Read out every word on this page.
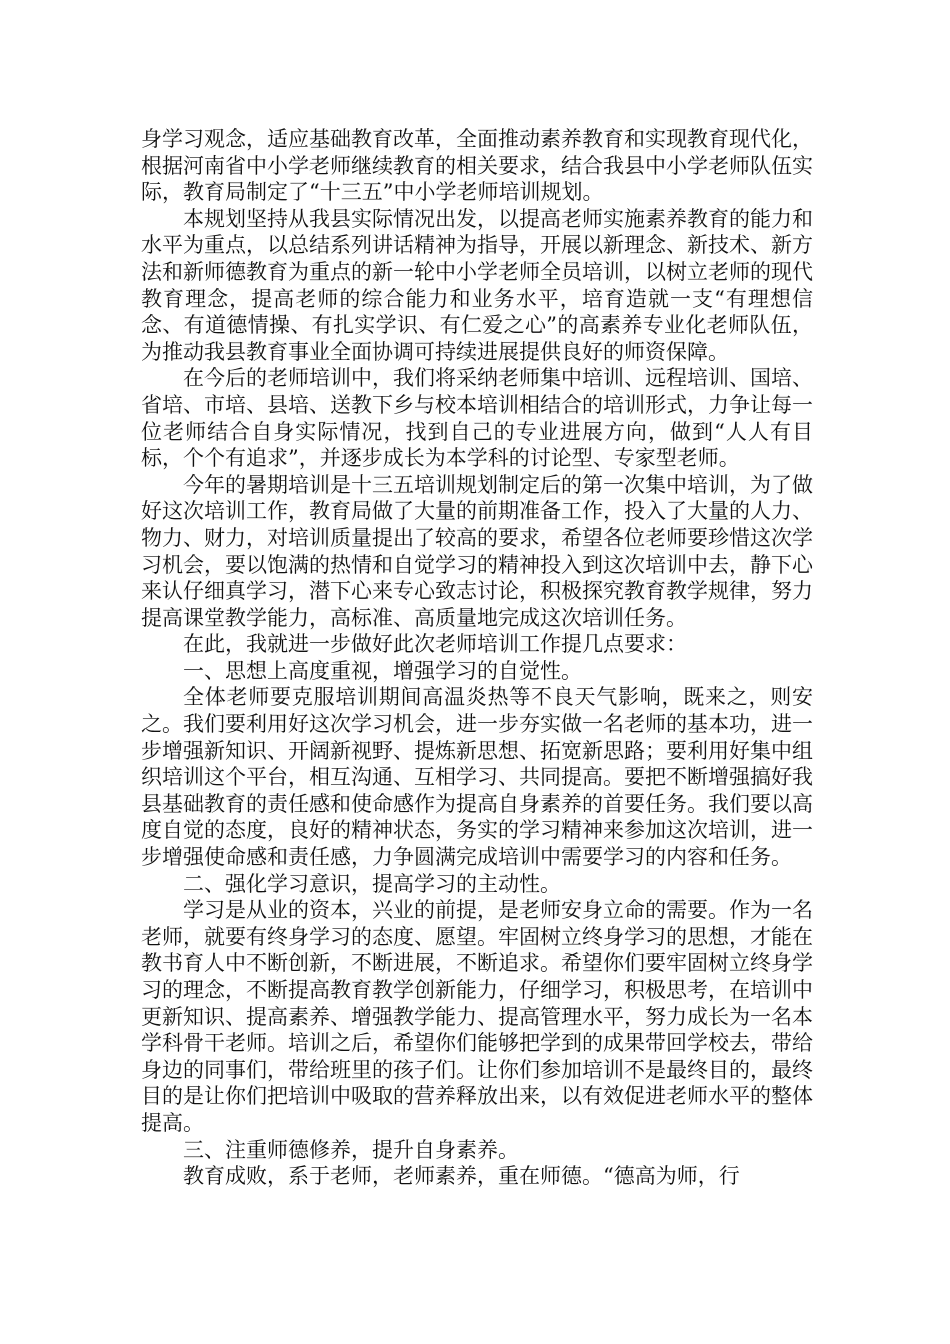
身学习观念，适应基础教育改革，全面推动素养教育和实现教育现代化，根据河南省中小学老师继续教育的相关要求，结合我县中小学老师队伍实际，教育局制定了“十三五”中小学老师培训规划。

本规划坚持从我县实际情况出发，以提高老师实施素养教育的能力和水平为重点，以总结系列讲话精神为指导，开展以新理念、新技术、新方法和新师德教育为重点的新一轮中小学老师全员培训，以树立老师的现代教育理念，提高老师的综合能力和业务水平，培育造就一支“有理想信念、有道德情操、有扎实学识、有仁爱之心”的高素养专业化老师队伍，为推动我县教育事业全面协调可持续进展提供良好的师资保障。

在今后的老师培训中，我们将采纳老师集中培训、远程培训、国培、省培、市培、县培、送教下乡与校本培训相结合的培训形式，力争让每一位老师结合自身实际情况，找到自己的专业进展方向，做到“人人有目标，个个有追求”，并逐步成长为本学科的讨论型、专家型老师。

今年的暑期培训是十三五培训规划制定后的第一次集中培训，为了做好这次培训工作，教育局做了大量的前期准备工作，投入了大量的人力、物力、财力，对培训质量提出了较高的要求，希望各位老师要珍惜这次学习机会，要以饱满的热情和自觉学习的精神投入到这次培训中去，静下心来认仔细真学习，潜下心来专心致志讨论，积极探究教育教学规律，努力提高课堂教学能力，高标准、高质量地完成这次培训任务。

在此，我就进一步做好此次老师培训工作提几点要求：

一、思想上高度重视，增强学习的自觉性。

全体老师要克服培训期间高温炎热等不良天气影响，既来之，则安之。我们要利用好这次学习机会，进一步夯实做一名老师的基本功，进一步增强新知识、开阔新视野、提炼新思想、拓宽新思路；要利用好集中组织培训这个平台，相互沟通、互相学习、共同提高。要把不断增强搞好我县基础教育的责任感和使命感作为提高自身素养的首要任务。我们要以高度自觉的态度，良好的精神状态，务实的学习精神来参加这次培训，进一步增强使命感和责任感，力争圆满完成培训中需要学习的内容和任务。

二、强化学习意识，提高学习的主动性。

学习是从业的资本，兴业的前提，是老师安身立命的需要。作为一名老师，就要有终身学习的态度、愿望。牢固树立终身学习的思想，才能在教书育人中不断创新，不断进展，不断追求。希望你们要牢固树立终身学习的理念，不断提高教育教学创新能力，仔细学习，积极思考，在培训中更新知识、提高素养、增强教学能力、提高管理水平，努力成长为一名本学科骨干老师。培训之后，希望你们能够把学到的成果带回学校去，带给身边的同事们，带给班里的孩子们。让你们参加培训不是最终目的，最终目的是让你们把培训中吸取的营养释放出来，以有效促进老师水平的整体提高。

三、注重师德修养，提升自身素养。

教育成败，系于老师，老师素养，重在师德。“德高为师，行
